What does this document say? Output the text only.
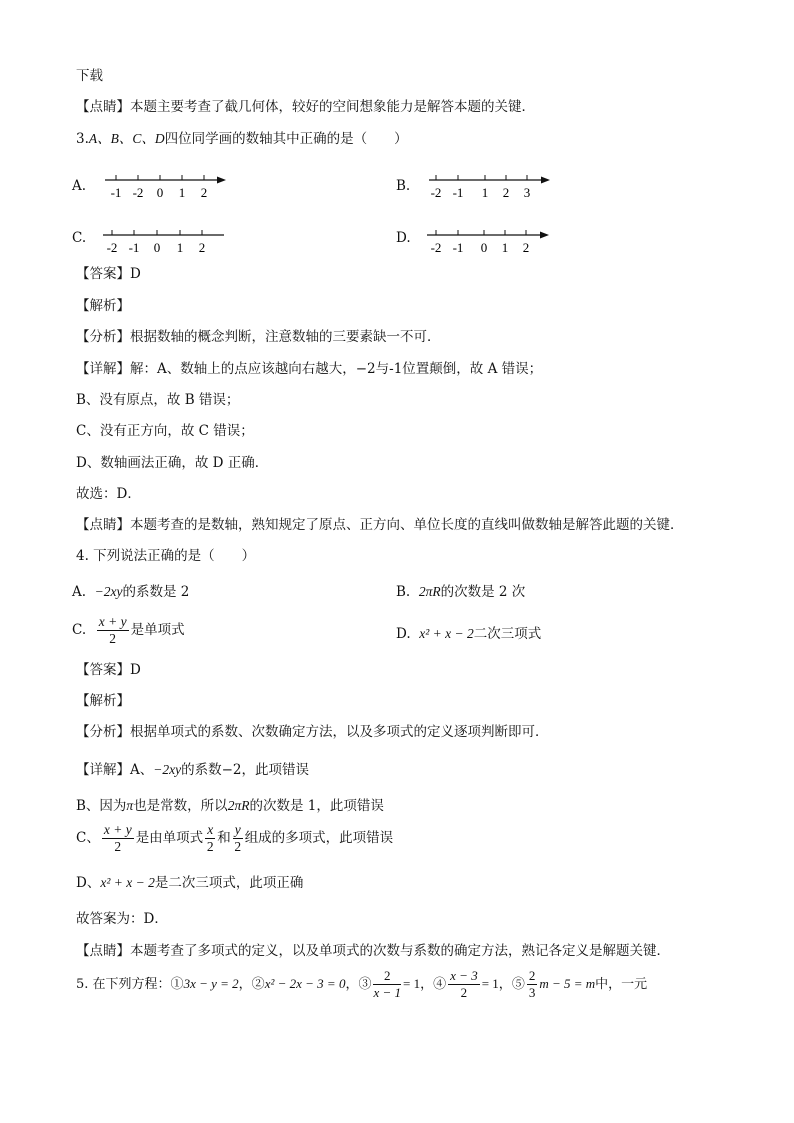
下载
【点睛】本题主要考查了截几何体，较好的空间想象能力是解答本题的关键．
3.A、B、C、D四位同学画的数轴其中正确的是（　　）
A. -1 -2 0 1 2	B. -2 -1 1 2 3
C.
-2 -1 0 1 2
D.
-2 -1 0 1 2
【答案】D
【解析】
【分析】根据数轴的概念判断，注意数轴的三要素缺一不可．
【详解】解：A、数轴上的点应该越向右越大，−2与-1位置颠倒，故 A 错误；
B、没有原点，故 B 错误；
C、没有正方向，故 C 错误；
D、数轴画法正确，故 D 正确．
故选：D．
【点睛】本题考查的是数轴，熟知规定了原点、正方向、单位长度的直线叫做数轴是解答此题的关键．
4. 下列说法正确的是（　　）
A. −2xy的系数是 2	B. 2πR的次数是 2 次
C. $\frac{x + y}{2}$ 是单项式	D. x² + x − 2二次三项式
【答案】D
【解析】
【分析】根据单项式的系数、次数确定方法，以及多项式的定义逐项判断即可．
【详解】A、−2xy的系数−2，此项错误
B、因为π也是常数，所以2πR的次数是 1，此项错误
C、 $\frac{x + y}{2}$ 是由单项式 $\frac{x}{2}$ 和 $\frac{y}{2}$ 组成的多项式，此项错误
D、x² + x − 2是二次三项式，此项正确
故答案为：D．
【点睛】本题考查了多项式的定义，以及单项式的次数与系数的确定方法，熟记各定义是解题关键．
5. 在下列方程：①3x − y = 2，②x² − 2x − 3 = 0，③ $\frac{2}{x - 1} = 1$，④ $\frac{x - 3}{2} = 1$，⑤ $\frac{2}{3}$ m − 5 = m中，一元
